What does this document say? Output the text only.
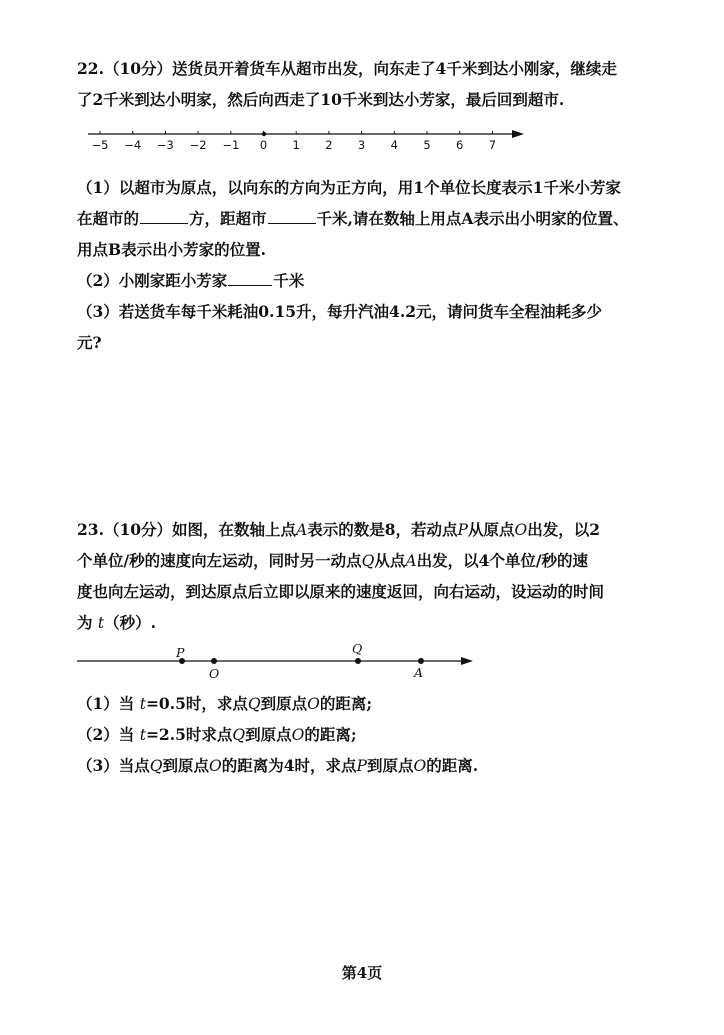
22.（10分）送货员开着货车从超市出发，向东走了4千米到达小刚家，继续走
了2千米到达小明家，然后向西走了10千米到达小芳家，最后回到超市.
−5 −4 −3 −2 −1 0 1 2 3 4 5 6 7
P
O
Q
A
（1）以超市为原点，以向东的方向为正方向，用1个单位长度表示1千米小芳家
在超市的	方，距超市	千米,请在数轴上用点A表示出小明家的位置、
用点B表示出小芳家的位置.
（2）小刚家距小芳家	千米
（3）若送货车每千米耗油0.15升，每升汽油4.2元，请问货车全程油耗多少
元?
23.（10分）如图，在数轴上点A表示的数是8，若动点P从原点O出发，以2
个单位/秒的速度向左运动，同时另一动点Q从点A出发，以4个单位/秒的速
度也向左运动，到达原点后立即以原来的速度返回，向右运动，设运动的时间
为 t（秒）.
（1）当 t=0.5时，求点Q到原点O的距离;
（2）当 t=2.5时求点Q到原点O的距离;
（3）当点Q到原点O的距离为4时，求点P到原点O的距离.
第4页
